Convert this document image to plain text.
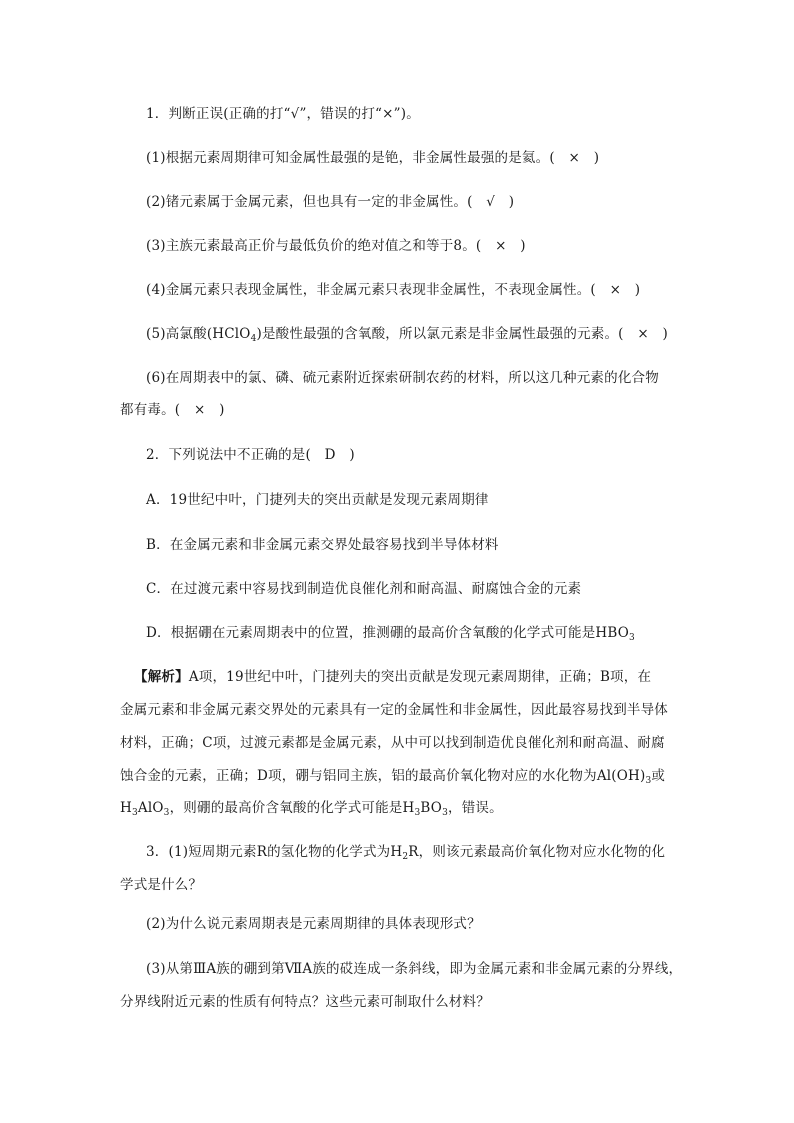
1．判断正误(正确的打“√”，错误的打“×”)。
(1)根据元素周期律可知金属性最强的是铯，非金属性最强的是氦。(　×　)
(2)锗元素属于金属元素，但也具有一定的非金属性。(　√　)
(3)主族元素最高正价与最低负价的绝对值之和等于8。(　×　)
(4)金属元素只表现金属性，非金属元素只表现非金属性，不表现金属性。(　×　)
(5)高氯酸(HClO$_4$)是酸性最强的含氧酸，所以氯元素是非金属性最强的元素。(　×　)
(6)在周期表中的氯、磷、硫元素附近探索研制农药的材料，所以这几种元素的化合物
都有毒。(　×　)
2．下列说法中不正确的是(　D　)
A．19世纪中叶，门捷列夫的突出贡献是发现元素周期律
B．在金属元素和非金属元素交界处最容易找到半导体材料
C．在过渡元素中容易找到制造优良催化剂和耐高温、耐腐蚀合金的元素
D．根据硼在元素周期表中的位置，推测硼的最高价含氧酸的化学式可能是$HBO_3$
【解析】A项，19世纪中叶，门捷列夫的突出贡献是发现元素周期律，正确；B项，在
金属元素和非金属元素交界处的元素具有一定的金属性和非金属性，因此最容易找到半导体
材料，正确；C项，过渡元素都是金属元素，从中可以找到制造优良催化剂和耐高温、耐腐
蚀合金的元素，正确；D项，硼与铝同主族，铝的最高价氧化物对应的水化物为$Al(OH)_3$或
$H_3AlO_3$，则硼的最高价含氧酸的化学式可能是$H_3BO_3$，错误。
3．(1)短周期元素R的氢化物的化学式为$H_2R$，则该元素最高价氧化物对应水化物的化
学式是什么？
(2)为什么说元素周期表是元素周期律的具体表现形式？
(3)从第ⅢA族的硼到第ⅦA族的砹连成一条斜线，即为金属元素和非金属元素的分界线，
分界线附近元素的性质有何特点？这些元素可制取什么材料？
